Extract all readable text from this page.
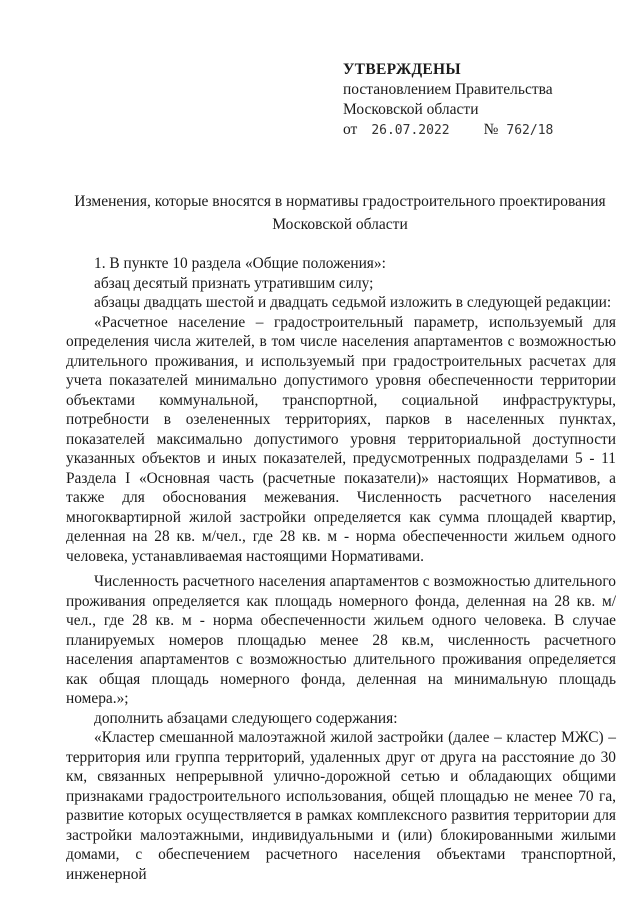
УТВЕРЖДЕНЫ
постановлением Правительства
Московской области
от 26.07.2022 № 762/18
Изменения, которые вносятся в нормативы градостроительного проектирования
Московской области

1. В пункте 10 раздела «Общие положения»:

абзац десятый признать утратившим силу;

абзацы двадцать шестой и двадцать седьмой изложить в следующей редакции:

«Расчетное население – градостроительный параметр, используемый для определения числа жителей, в том числе населения апартаментов с возможностью длительного проживания, и используемый при градостроительных расчетах для учета показателей минимально допустимого уровня обеспеченности территории объектами коммунальной, транспортной, социальной инфраструктуры, потребности в озелененных территориях, парков в населенных пунктах, показателей максимально допустимого уровня территориальной доступности указанных объектов и иных показателей, предусмотренных подразделами 5 - 11 Раздела I «Основная часть (расчетные показатели)» настоящих Нормативов, а также для обоснования межевания. Численность расчетного населения многоквартирной жилой застройки определяется как сумма площадей квартир, деленная на 28 кв. м/чел., где 28 кв. м - норма обеспеченности жильем одного человека, устанавливаемая настоящими Нормативами.

Численность расчетного населения апартаментов с возможностью длительного проживания определяется как площадь номерного фонда, деленная на 28 кв. м/чел., где 28 кв. м - норма обеспеченности жильем одного человека. В случае планируемых номеров площадью менее 28 кв.м, численность расчетного населения апартаментов с возможностью длительного проживания определяется как общая площадь номерного фонда, деленная на минимальную площадь номера.»;

дополнить абзацами следующего содержания:

«Кластер смешанной малоэтажной жилой застройки (далее – кластер МЖС) – территория или группа территорий, удаленных друг от друга на расстояние до 30 км, связанных непрерывной улично-дорожной сетью и обладающих общими признаками градостроительного использования, общей площадью не менее 70 га, развитие которых осуществляется в рамках комплексного развития территории для застройки малоэтажными, индивидуальными и (или) блокированными жилыми домами, с обеспечением расчетного населения объектами транспортной, инженерной
